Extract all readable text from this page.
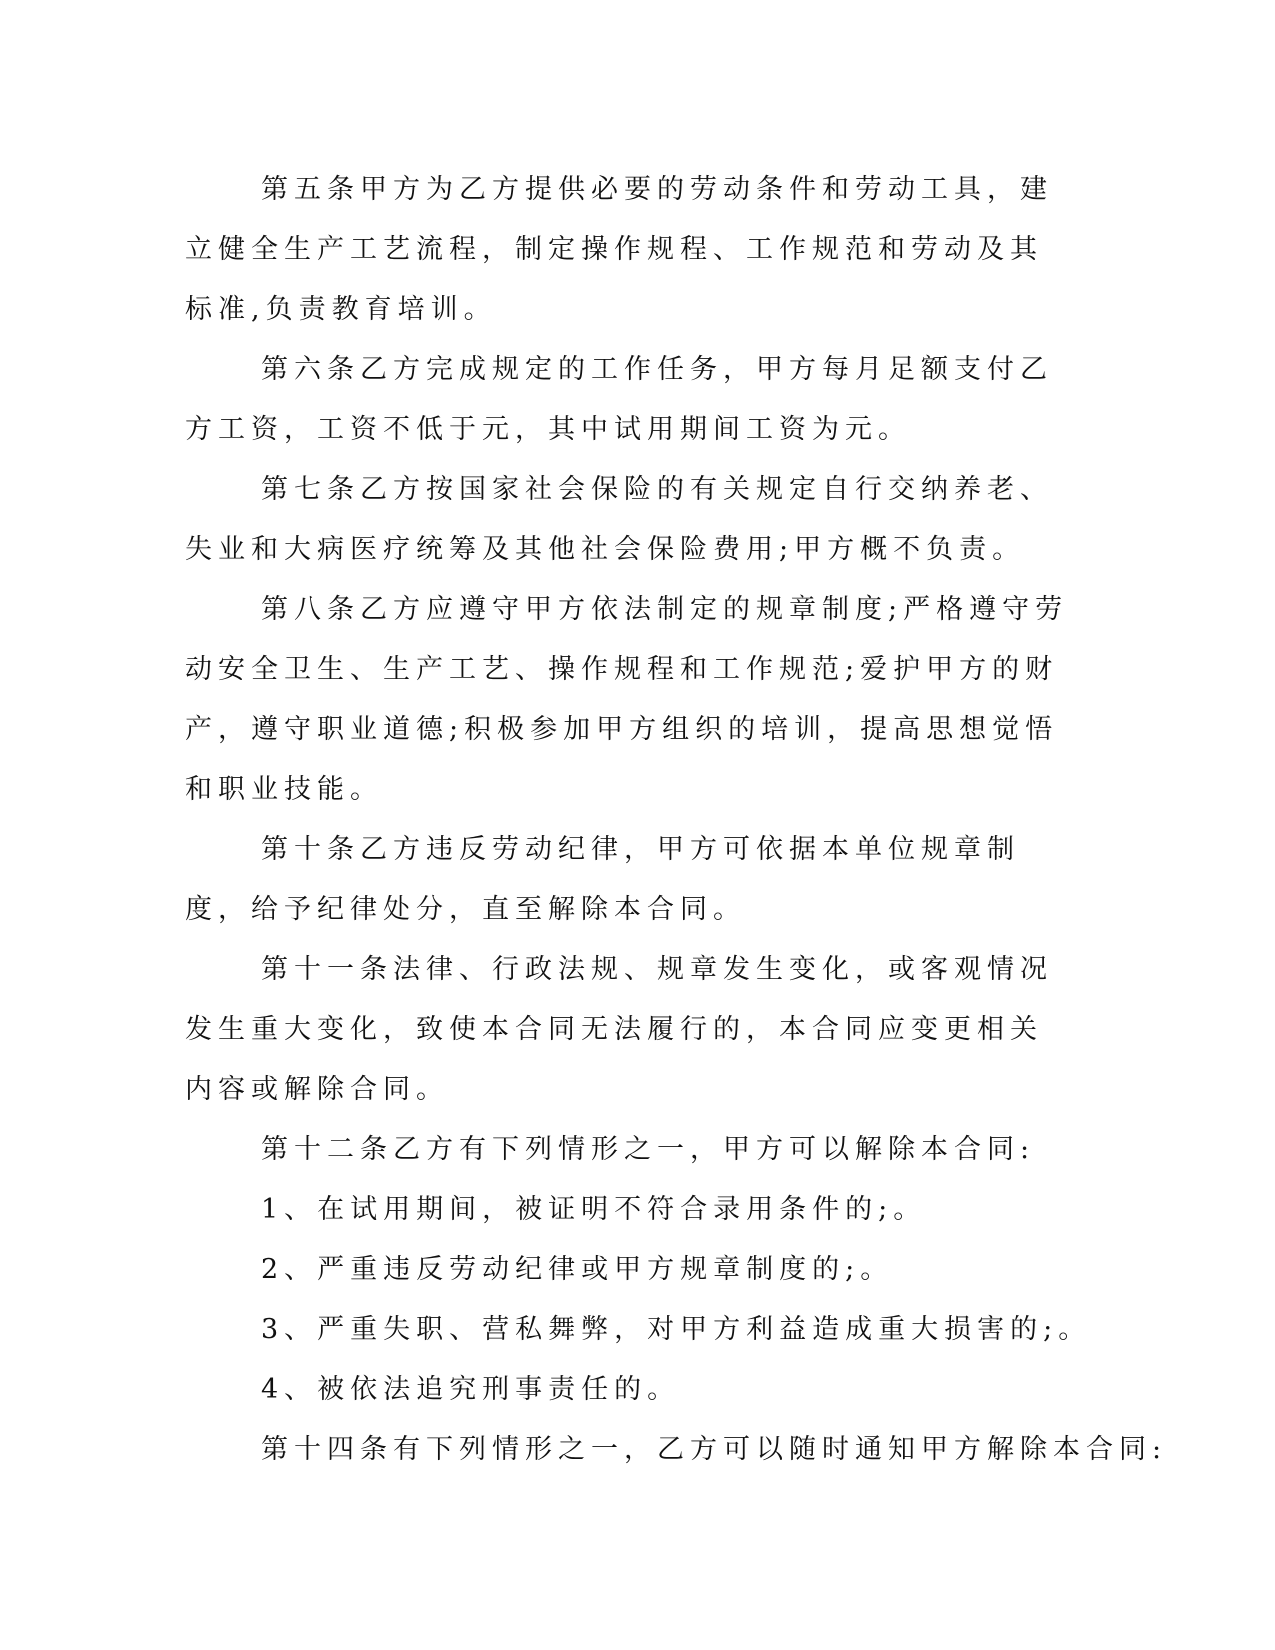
第五条甲方为乙方提供必要的劳动条件和劳动工具，建立健全生产工艺流程，制定操作规程、工作规范和劳动及其标准,负责教育培训。

第六条乙方完成规定的工作任务，甲方每月足额支付乙方工资，工资不低于元，其中试用期间工资为元。

第七条乙方按国家社会保险的有关规定自行交纳养老、失业和大病医疗统筹及其他社会保险费用;甲方概不负责。

第八条乙方应遵守甲方依法制定的规章制度;严格遵守劳动安全卫生、生产工艺、操作规程和工作规范;爱护甲方的财产，遵守职业道德;积极参加甲方组织的培训，提高思想觉悟和职业技能。

第十条乙方违反劳动纪律，甲方可依据本单位规章制度，给予纪律处分，直至解除本合同。

第十一条法律、行政法规、规章发生变化，或客观情况发生重大变化，致使本合同无法履行的，本合同应变更相关内容或解除合同。

第十二条乙方有下列情形之一，甲方可以解除本合同:

1、在试用期间，被证明不符合录用条件的;。

2、严重违反劳动纪律或甲方规章制度的;。

3、严重失职、营私舞弊，对甲方利益造成重大损害的;。

4、被依法追究刑事责任的。

第十四条有下列情形之一，乙方可以随时通知甲方解除本合同:
